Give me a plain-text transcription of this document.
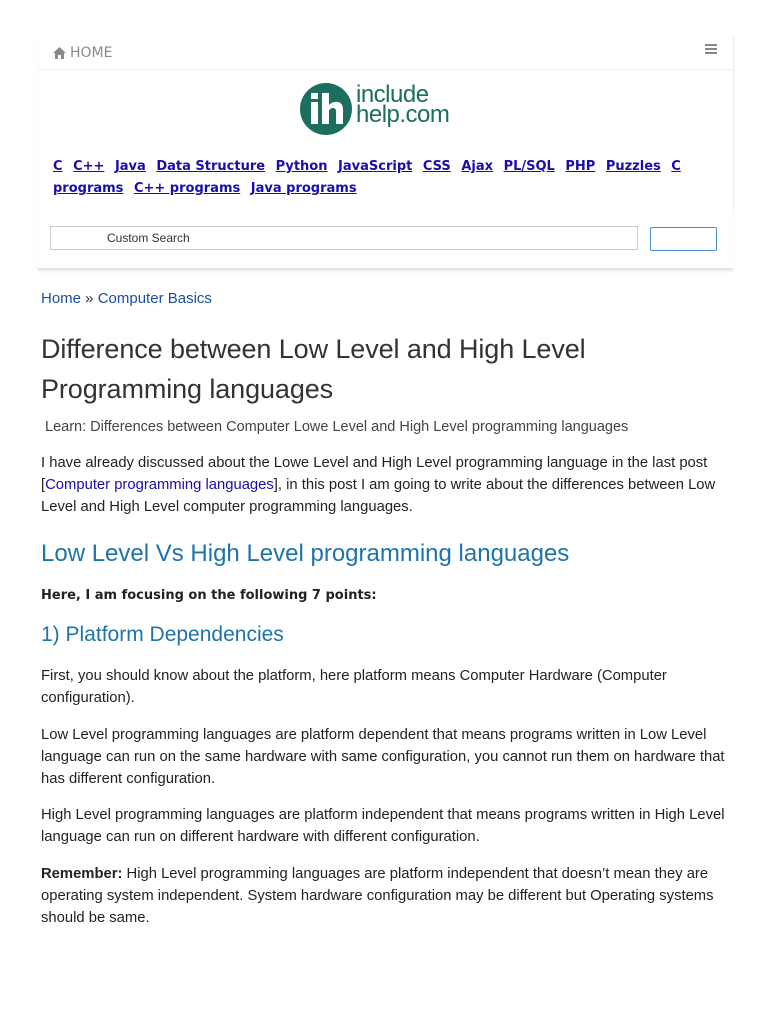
HOME
include
help.com
C C++ Java Data Structure Python JavaScript CSS Ajax PL/SQL PHP Puzzles C programs C++ programs Java programs
Custom Search
Home » Computer Basics
Difference between Low Level and High Level Programming languages
Learn: Differences between Computer Lowe Level and High Level programming languages

I have already discussed about the Lowe Level and High Level programming language in the last post [Computer programming languages], in this post I am going to write about the differences between Low Level and High Level computer programming languages.

Low Level Vs High Level programming languages
Here, I am focusing on the following 7 points:
1) Platform Dependencies

First, you should know about the platform, here platform means Computer Hardware (Computer configuration).

Low Level programming languages are platform dependent that means programs written in Low Level language can run on the same hardware with same configuration, you cannot run them on hardware that has different configuration.

High Level programming languages are platform independent that means programs written in High Level language can run on different hardware with different configuration.

Remember: High Level programming languages are platform independent that doesn’t mean they are operating system independent. System hardware configuration may be different but Operating systems should be same.
